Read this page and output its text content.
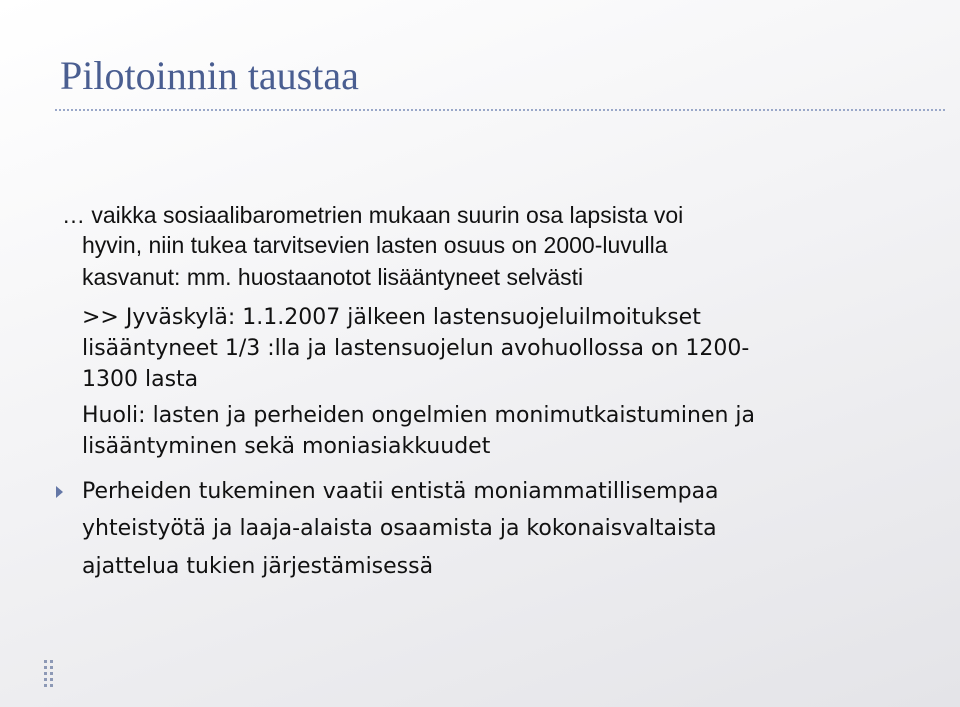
Pilotoinnin taustaa
… vaikka sosiaalibarometrien mukaan suurin osa lapsista voi
hyvin, niin tukea tarvitsevien lasten osuus on 2000-luvulla
kasvanut: mm. huostaanotot lisääntyneet selvästi
>> Jyväskylä: 1.1.2007 jälkeen lastensuojeluilmoitukset
lisääntyneet 1/3 :lla ja lastensuojelun avohuollossa on 1200-
1300 lasta
Huoli: lasten ja perheiden ongelmien monimutkaistuminen ja
lisääntyminen sekä moniasiakkuudet
Perheiden tukeminen vaatii entistä moniammatillisempaa
yhteistyötä ja laaja-alaista osaamista ja kokonaisvaltaista
ajattelua tukien järjestämisessä
